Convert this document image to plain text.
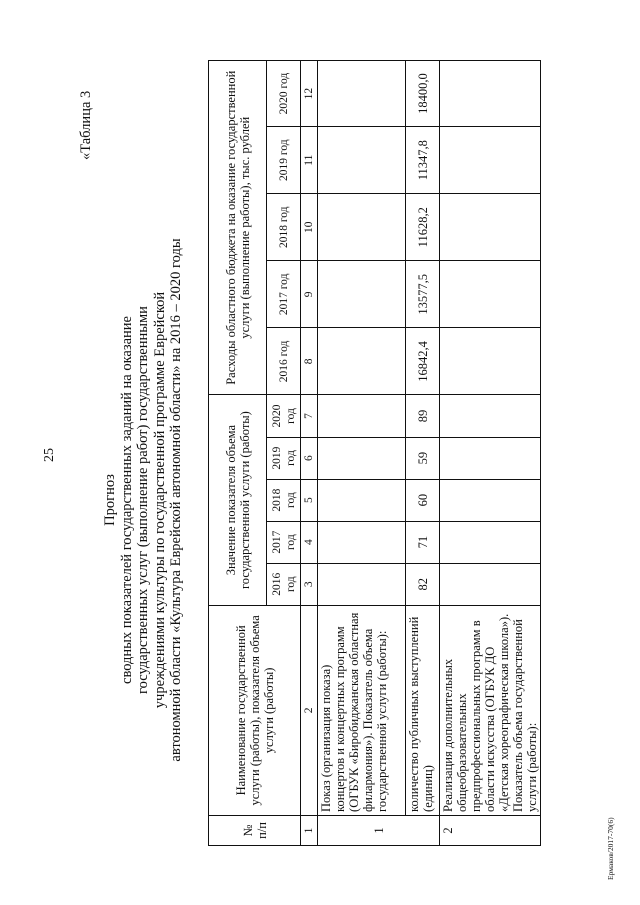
25
Прогноз сводных показателей государственных заданий на оказание государственных услуг (выполнение работ) государственными учреждениями культуры по государственной программе Еврейской автономной области «Культура Еврейской автономной области» на 2016 – 2020 годы
«Таблица 3
Ермаков/2017-70(6)
№ п/п	Наименование государственной услуги (работы), показателя объема услуги (работы)	Значение показателя объема государственной услуги (работы)					Расходы областного бюджета на оказание государственной услуги (выполнение работы), тыс. рублей				
		2016 год	2017 год	2018 год	2019 год	2020 год	2016 год	2017 год	2018 год	2019 год	2020 год
1	2	3	4	5	6	7	8	9	10	11	12
1	Показ (организация показа) концертов и концертных программ (ОГБУК «Биробиджанская областная филармония»). Показатель объема государственной услуги (работы):										
	количество публичных выступлений (единиц)	82	71	60	59	89	16842,4	13577,5	11628,2	11347,8	18400,0
2	Реализация дополнительных общеобразовательных предпрофессиональных программ в области искусства (ОГБУК ДО «Детская хореографическая школа»). Показатель объема государственной услуги (работы):										
